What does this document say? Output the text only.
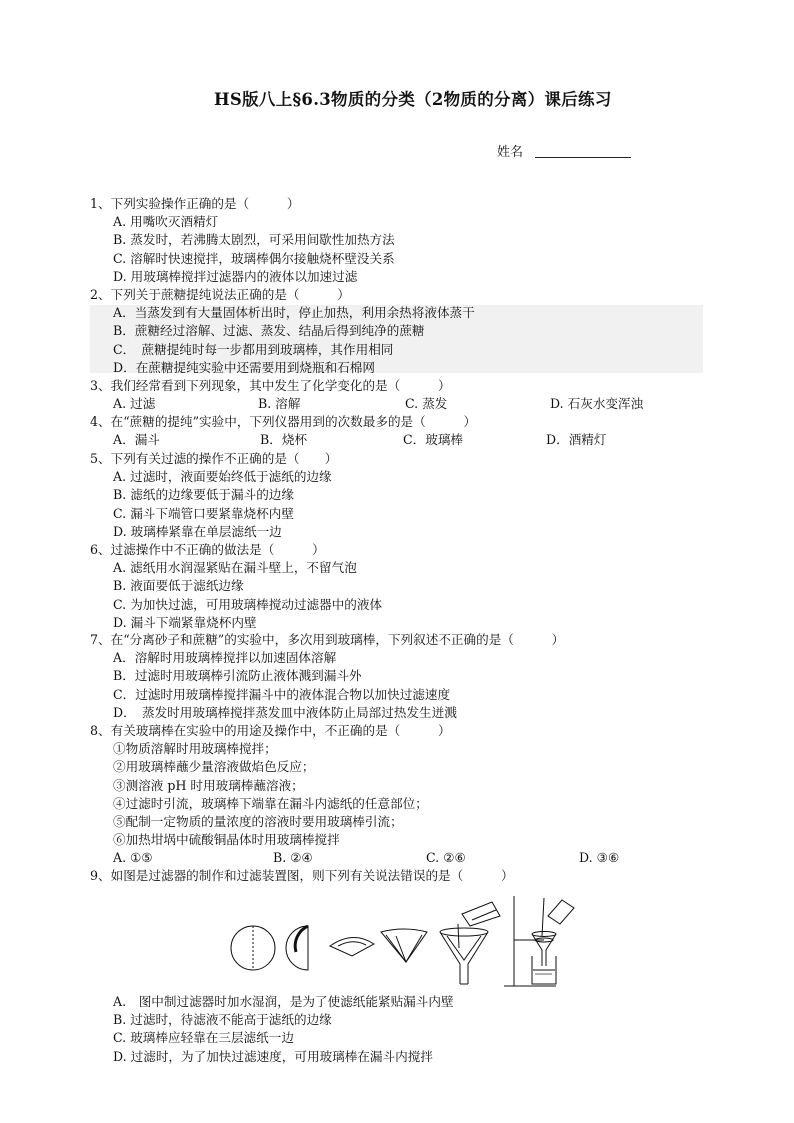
HS版八上§6.3物质的分类（2物质的分离）课后练习
姓名
1、下列实验操作正确的是（　　　）
A. 用嘴吹灭酒精灯
B. 蒸发时，若沸腾太剧烈，可采用间歇性加热方法
C. 溶解时快速搅拌，玻璃棒偶尔接触烧杯壁没关系
D. 用玻璃棒搅拌过滤器内的液体以加速过滤
2、下列关于蔗糖提纯说法正确的是（　　　）
A．当蒸发到有大量固体析出时，停止加热，利用余热将液体蒸干
B．蔗糖经过溶解、过滤、蒸发、结晶后得到纯净的蔗糖
C．　蔗糖提纯时每一步都用到玻璃棒，其作用相同
D．在蔗糖提纯实验中还需要用到烧瓶和石棉网
3、我们经常看到下列现象，其中发生了化学变化的是（　　　）
A. 过滤	B. 溶解	C. 蒸发	D. 石灰水变浑浊
4、在“蔗糖的提纯”实验中，下列仪器用到的次数最多的是（　　　）
A．漏斗	B．烧杯	C．玻璃棒	D．酒精灯
5、下列有关过滤的操作不正确的是（　　）
A. 过滤时，液面要始终低于滤纸的边缘
B. 滤纸的边缘要低于漏斗的边缘
C. 漏斗下端管口要紧靠烧杯内壁
D. 玻璃棒紧靠在单层滤纸一边
6、过滤操作中不正确的做法是（　　　）
A. 滤纸用水润湿紧贴在漏斗壁上，不留气泡
B. 液面要低于滤纸边缘
C. 为加快过滤，可用玻璃棒搅动过滤器中的液体
D. 漏斗下端紧靠烧杯内壁
7、在“分离砂子和蔗糖”的实验中，多次用到玻璃棒，下列叙述不正确的是（　　　）
A．溶解时用玻璃棒搅拌以加速固体溶解
B．过滤时用玻璃棒引流防止液体溅到漏斗外
C．过滤时用玻璃棒搅拌漏斗中的液体混合物以加快过滤速度
D．　蒸发时用玻璃棒搅拌蒸发皿中液体防止局部过热发生迸溅
8、有关玻璃棒在实验中的用途及操作中，不正确的是（　　　）
①物质溶解时用玻璃棒搅拌；
②用玻璃棒蘸少量溶液做焰色反应；
③测溶液 pH 时用玻璃棒蘸溶液；
④过滤时引流，玻璃棒下端靠在漏斗内滤纸的任意部位；
⑤配制一定物质的量浓度的溶液时要用玻璃棒引流；
⑥加热坩埚中硫酸铜晶体时用玻璃棒搅拌
A. ①⑤	B. ②④	C. ②⑥	D. ③⑥
9、如图是过滤器的制作和过滤装置图，则下列有关说法错误的是（　　　）
A.　图中制过滤器时加水湿润，是为了使滤纸能紧贴漏斗内壁
B. 过滤时，待滤液不能高于滤纸的边缘
C. 玻璃棒应轻靠在三层滤纸一边
D. 过滤时，为了加快过滤速度，可用玻璃棒在漏斗内搅拌
